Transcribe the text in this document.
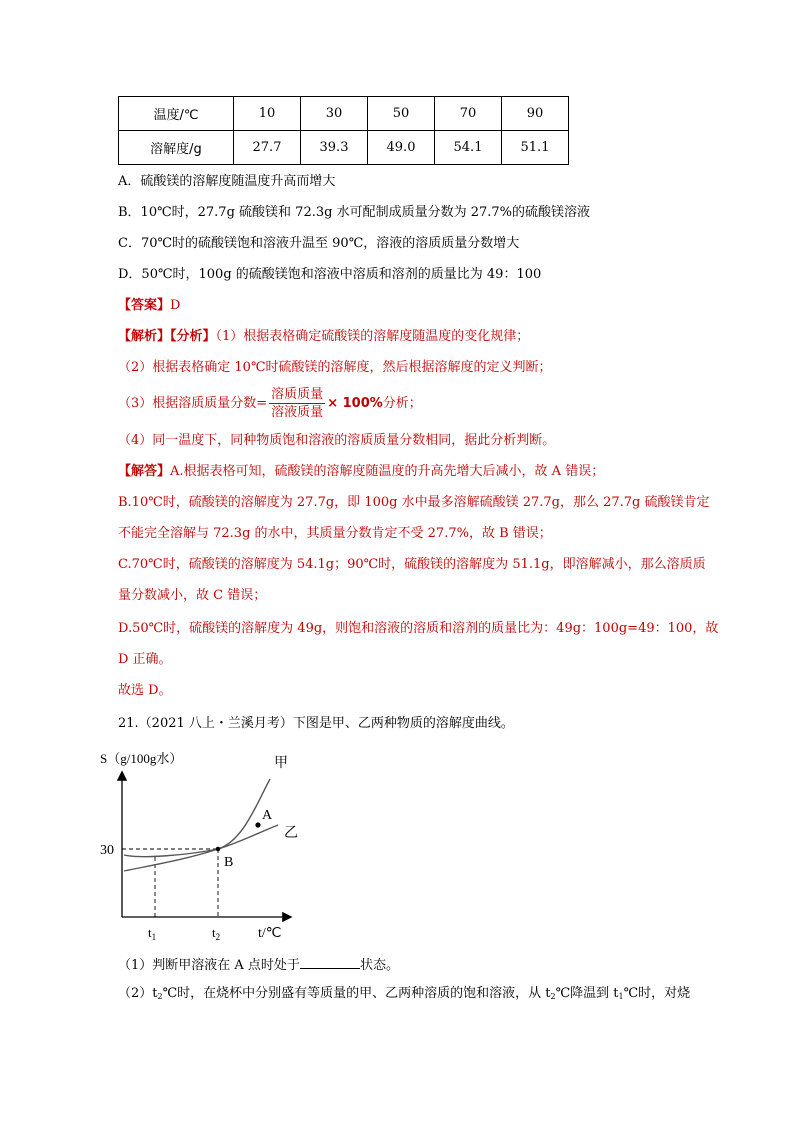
温度/℃	10	30	50	70	90
溶解度/g	27.7	39.3	49.0	54.1	51.1
A．硫酸镁的溶解度随温度升高而增大
B．10℃时，27.7g 硫酸镁和 72.3g 水可配制成质量分数为 27.7%的硫酸镁溶液
C．70℃时的硫酸镁饱和溶液升温至 90℃，溶液的溶质质量分数增大
D．50℃时，100g 的硫酸镁饱和溶液中溶质和溶剂的质量比为 49：100
【答案】D
【解析】【分析】（1）根据表格确定硫酸镁的溶解度随温度的变化规律；
（2）根据表格确定 10℃时硫酸镁的溶解度，然后根据溶解度的定义判断；
（3）根据溶质质量分数= $\frac{\text{溶质质量}}{\text{溶液质量}} \times 100\%$分析；
（4）同一温度下，同种物质饱和溶液的溶质质量分数相同，据此分析判断。
【解答】A.根据表格可知，硫酸镁的溶解度随温度的升高先增大后减小，故 A 错误；
B.10℃时，硫酸镁的溶解度为 27.7g，即 100g 水中最多溶解硫酸镁 27.7g，那么 27.7g 硫酸镁肯定
不能完全溶解与 72.3g 的水中，其质量分数肯定不受 27.7%，故 B 错误；
C.70℃时，硫酸镁的溶解度为 54.1g；90℃时，硫酸镁的溶解度为 51.1g，即溶解减小，那么溶质质
量分数减小，故 C 错误；
D.50℃时，硫酸镁的溶解度为 49g，则饱和溶液的溶质和溶剂的质量比为：49g：100g=49：100，故
D 正确。
故选 D。
21.（2021 八上・兰溪月考）下图是甲、乙两种物质的溶解度曲线。
S（g/100g水）
A
B
甲
乙
30
$t_1$	$t_2$	t/℃
（1）判断甲溶液在 A 点时处于	状态。
$(2)t_2℃$时，在烧杯中分别盛有等质量的甲、乙两种溶质的饱和溶液，从 $t_2℃$降温到 $t_1℃$时，对烧
